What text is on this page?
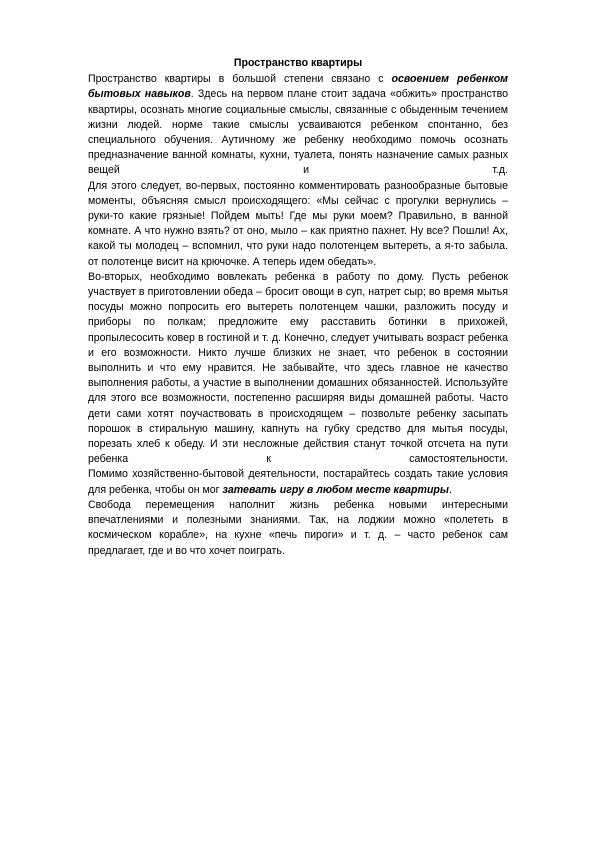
Пространство квартиры

Пространство квартиры в большой степени связано с освоением ребенком бытовых навыков. Здесь на первом плане стоит задача «обжить» пространство квартиры, осознать многие социальные смыслы, связанные с обыденным течением жизни людей. норме такие смыслы усваиваются ребенком спонтанно, без специального обучения. Аутичному же ребенку необходимо помочь осознать предназначение ванной комнаты, кухни, туалета, понять назначение самых разных вещей и т.д.

Для этого следует, во-первых, постоянно комментировать разнообразные бытовые моменты, объясняя смысл происходящего: «Мы сейчас с прогулки вернулись – руки-то какие грязные! Пойдем мыть! Где мы руки моем? Правильно, в ванной комнате. А что нужно взять? от оно, мыло – как приятно пахнет. Ну все? Пошли! Ах, какой ты молодец – вспомнил, что руки надо полотенцем вытереть, а я-то забыла. от полотенце висит на крючочке. А теперь идем обедать».

Во-вторых, необходимо вовлекать ребенка в работу по дому. Пусть ребенок участвует в приготовлении обеда – бросит овощи в суп, натрет сыр; во время мытья посуды можно попросить его вытереть полотенцем чашки, разложить посуду и приборы по полкам; предложите ему расставить ботинки в прихожей, пропылесосить ковер в гостиной и т. д. Конечно, следует учитывать возраст ребенка и его возможности. Никто лучше близких не знает, что ребенок в состоянии выполнить и что ему нравится. Не забывайте, что здесь главное не качество выполнения работы, а участие в выполнении домашних обязанностей. Используйте для этого все возможности, постепенно расширяя виды домашней работы. Часто дети сами хотят поучаствовать в происходящем – позвольте ребенку засыпать порошок в стиральную машину, капнуть на губку средство для мытья посуды, порезать хлеб к обеду. И эти несложные действия станут точкой отсчета на пути ребенка к самостоятельности.

Помимо хозяйственно-бытовой деятельности, постарайтесь создать такие условия для ребенка, чтобы он мог затевать игру в любом месте квартиры.

Свобода перемещения наполнит жизнь ребенка новыми интересными впечатлениями и полезными знаниями. Так, на лоджии можно «полететь в космическом корабле», на кухне «печь пироги» и т. д. – часто ребенок сам предлагает, где и во что хочет поиграть.
